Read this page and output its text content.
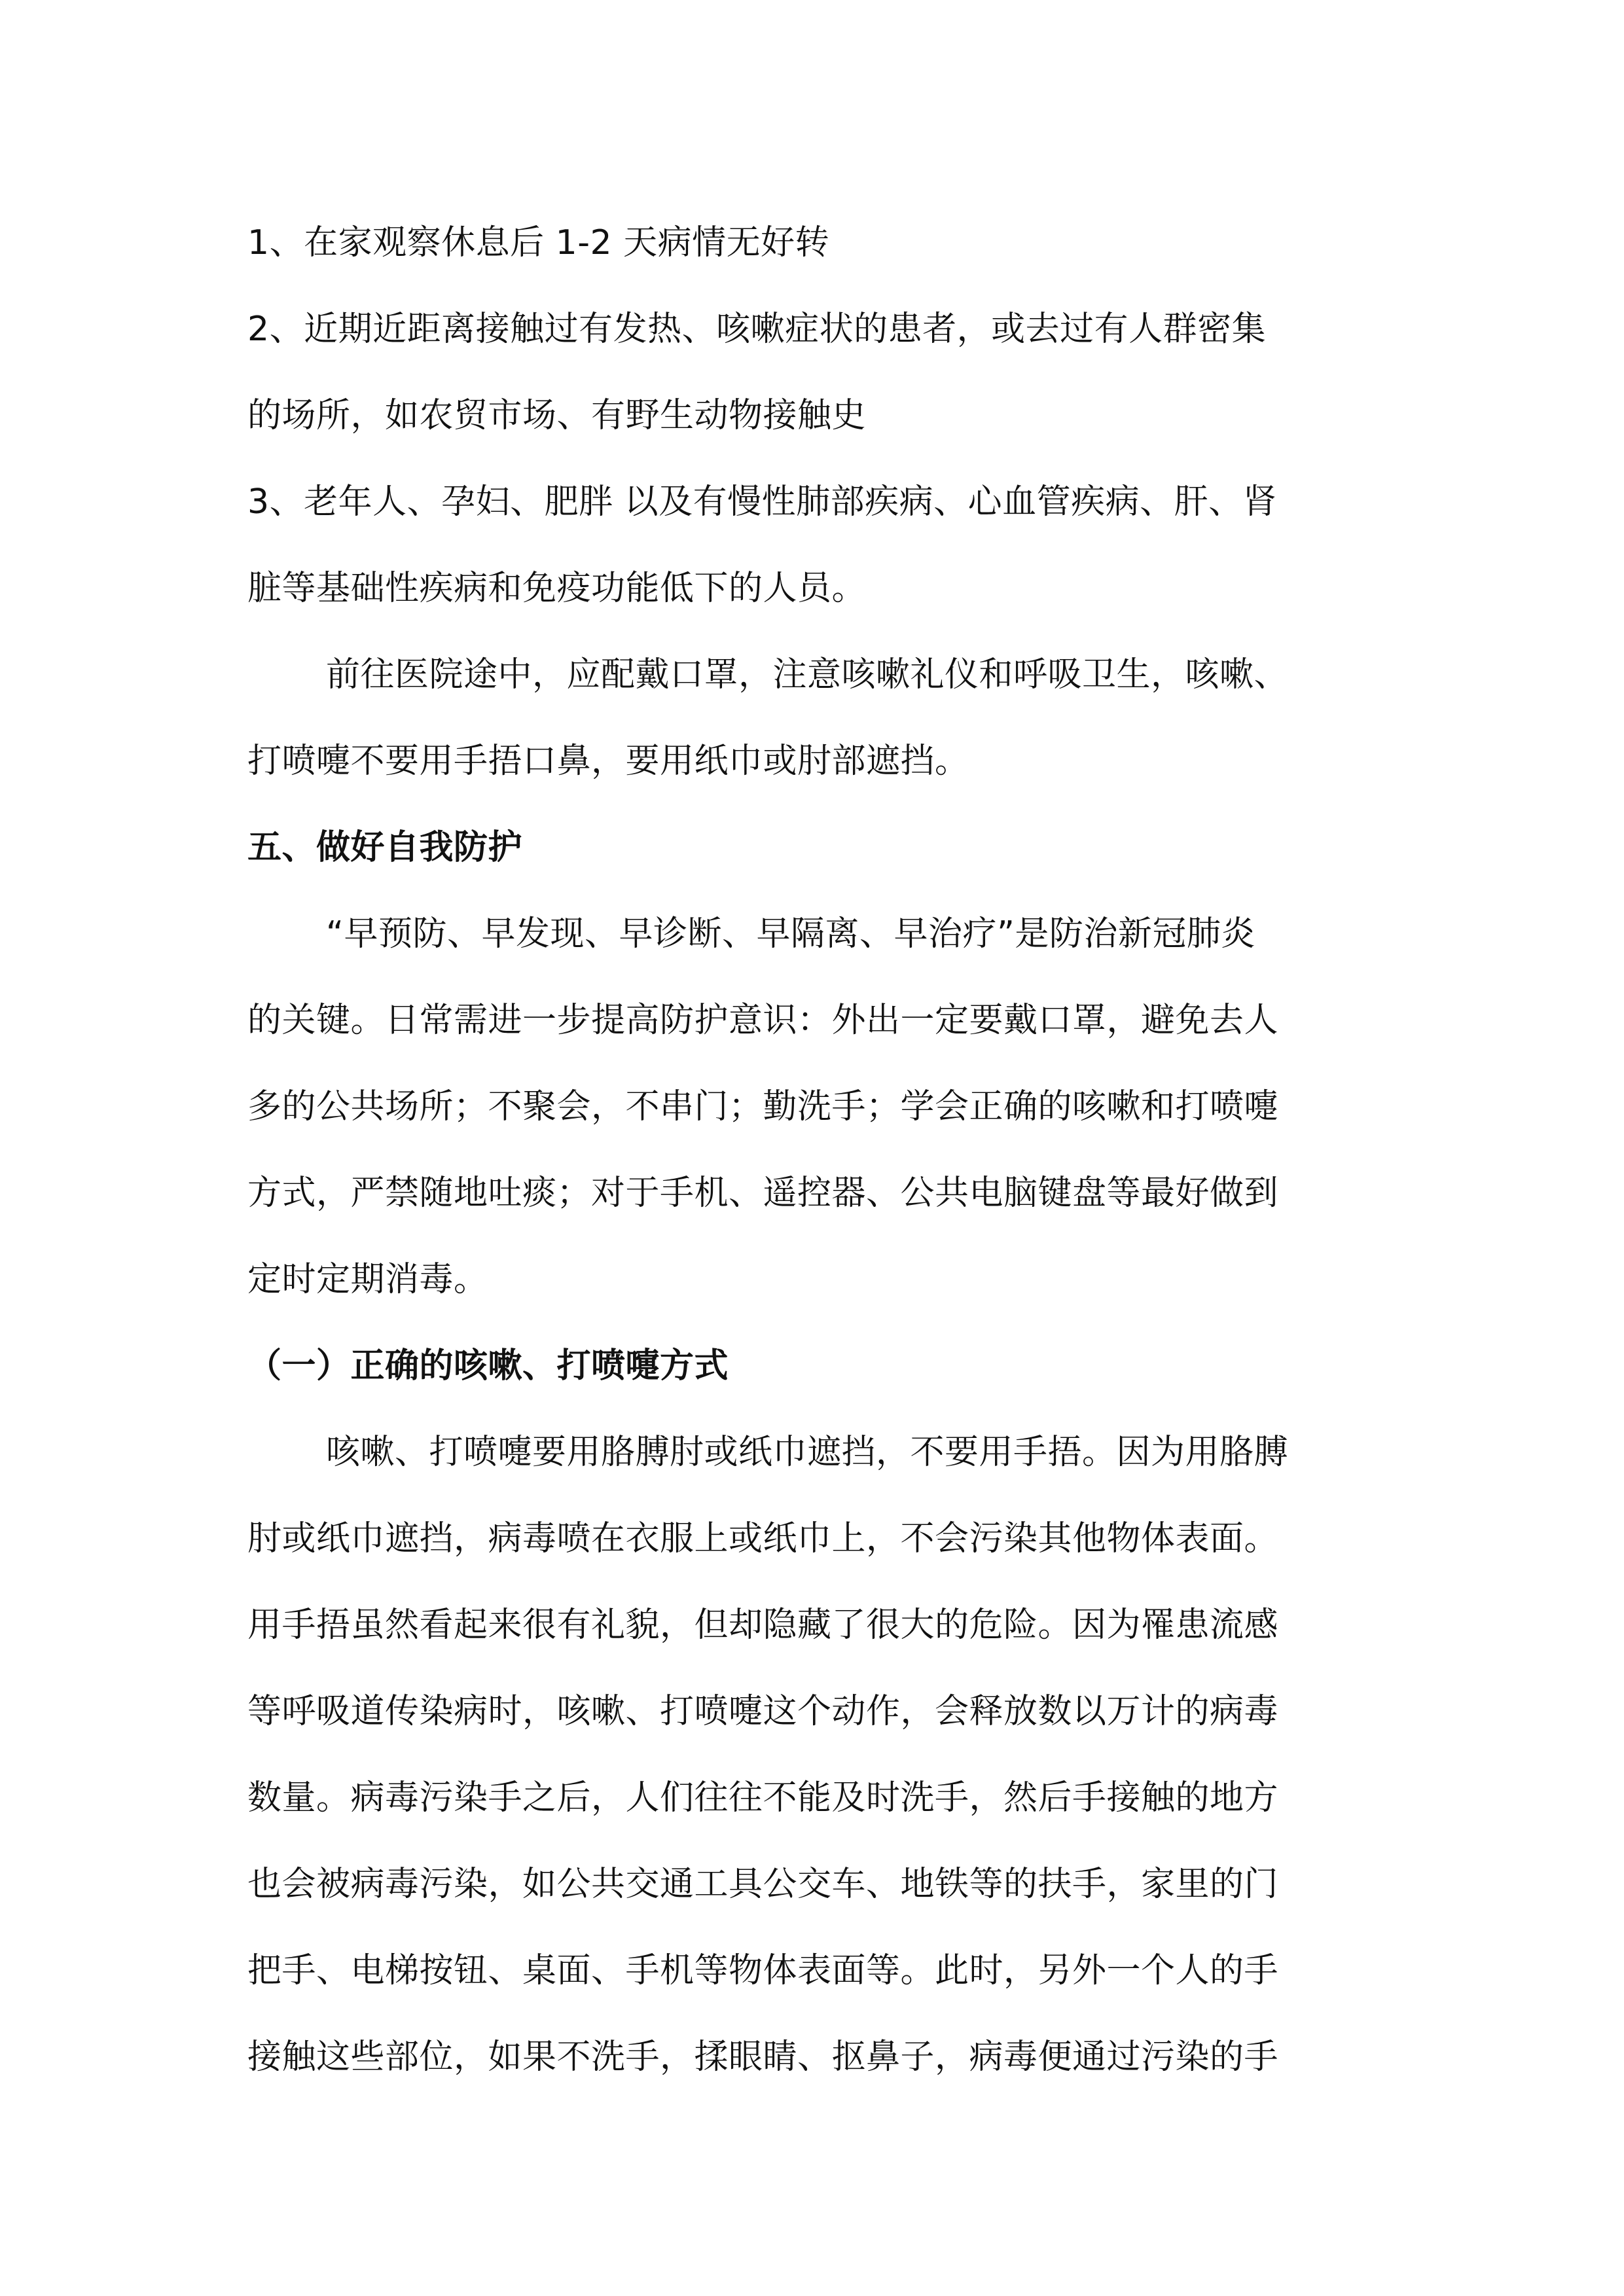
1、在家观察休息后 1-2 天病情无好转
2、近期近距离接触过有发热、咳嗽症状的患者，或去过有人群密集
的场所，如农贸市场、有野生动物接触史
3、老年人、孕妇、肥胖 以及有慢性肺部疾病、心血管疾病、肝、肾
脏等基础性疾病和免疫功能低下的人员。
前往医院途中，应配戴口罩，注意咳嗽礼仪和呼吸卫生，咳嗽、
打喷嚏不要用手捂口鼻，要用纸巾或肘部遮挡。
五、做好自我防护
“早预防、早发现、早诊断、早隔离、早治疗”是防治新冠肺炎
的关键。日常需进一步提高防护意识：外出一定要戴口罩，避免去人
多的公共场所；不聚会，不串门；勤洗手；学会正确的咳嗽和打喷嚏
方式，严禁随地吐痰；对于手机、遥控器、公共电脑键盘等最好做到
定时定期消毒。
（一）正确的咳嗽、打喷嚏方式
咳嗽、打喷嚏要用胳膊肘或纸巾遮挡，不要用手捂。因为用胳膊
肘或纸巾遮挡，病毒喷在衣服上或纸巾上，不会污染其他物体表面。
用手捂虽然看起来很有礼貌，但却隐藏了很大的危险。因为罹患流感
等呼吸道传染病时，咳嗽、打喷嚏这个动作，会释放数以万计的病毒
数量。病毒污染手之后，人们往往不能及时洗手，然后手接触的地方
也会被病毒污染，如公共交通工具公交车、地铁等的扶手，家里的门
把手、电梯按钮、桌面、手机等物体表面等。此时，另外一个人的手
接触这些部位，如果不洗手，揉眼睛、抠鼻子，病毒便通过污染的手
